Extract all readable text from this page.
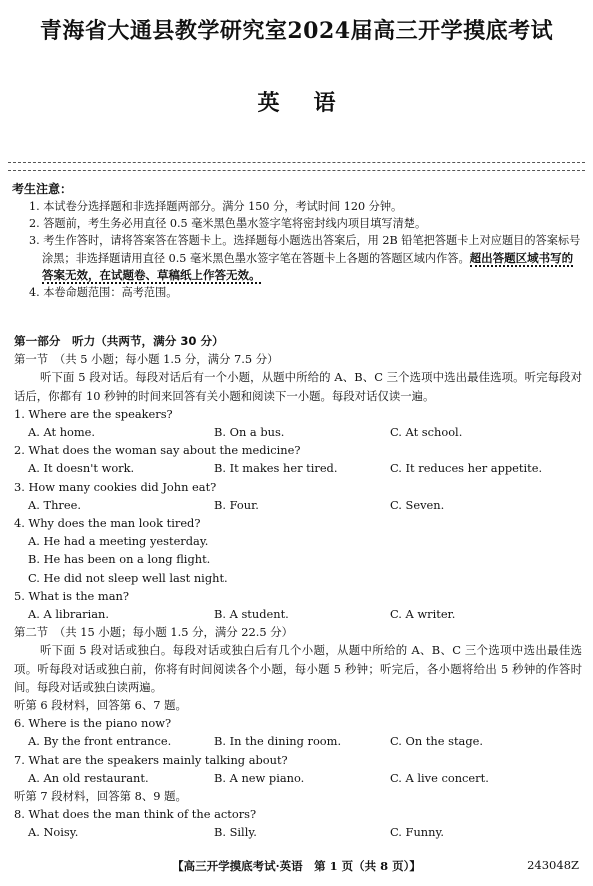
青海省大通县教学研究室2024届高三开学摸底考试
英语
考生注意：
1. 本试卷分选择题和非选择题两部分。满分 150 分，考试时间 120 分钟。
2. 答题前，考生务必用直径 0.5 毫米黑色墨水签字笔将密封线内项目填写清楚。
3. 考生作答时，请将答案答在答题卡上。选择题每小题选出答案后，用 2B 铅笔把答题卡上对应题目的答案标号涂黑；非选择题请用直径 0.5 毫米黑色墨水签字笔在答题卡上各题的答题区域内作答。超出答题区域书写的答案无效，在试题卷、草稿纸上作答无效。
4. 本卷命题范围：高考范围。
第一部分　听力（共两节，满分 30 分）
第一节　（共 5 小题；每小题 1.5 分，满分 7.5 分）
听下面 5 段对话。每段对话后有一个小题，从题中所给的 A、B、C 三个选项中选出最佳选项。听完每段对话后，你都有 10 秒钟的时间来回答有关小题和阅读下一小题。每段对话仅读一遍。
1. Where are the speakers?
A. At home.	B. On a bus.	C. At school.
2. What does the woman say about the medicine?
A. It doesn't work.	B. It makes her tired.	C. It reduces her appetite.
3. How many cookies did John eat?
A. Three.	B. Four.	C. Seven.
4. Why does the man look tired?
A. He had a meeting yesterday.
B. He has been on a long flight.
C. He did not sleep well last night.
5. What is the man?
A. A librarian.	B. A student.	C. A writer.
第二节　（共 15 小题；每小题 1.5 分，满分 22.5 分）
听下面 5 段对话或独白。每段对话或独白后有几个小题，从题中所给的 A、B、C 三个选项中选出最佳选项。听每段对话或独白前，你将有时间阅读各个小题，每小题 5 秒钟；听完后，各小题将给出 5 秒钟的作答时间。每段对话或独白读两遍。
听第 6 段材料，回答第 6、7 题。
6. Where is the piano now?
A. By the front entrance.	B. In the dining room.	C. On the stage.
7. What are the speakers mainly talking about?
A. An old restaurant.	B. A new piano.	C. A live concert.
听第 7 段材料，回答第 8、9 题。
8. What does the man think of the actors?
A. Noisy.	B. Silly.	C. Funny.
【高三开学摸底考试·英语　第 1 页（共 8 页）】	243048Z
